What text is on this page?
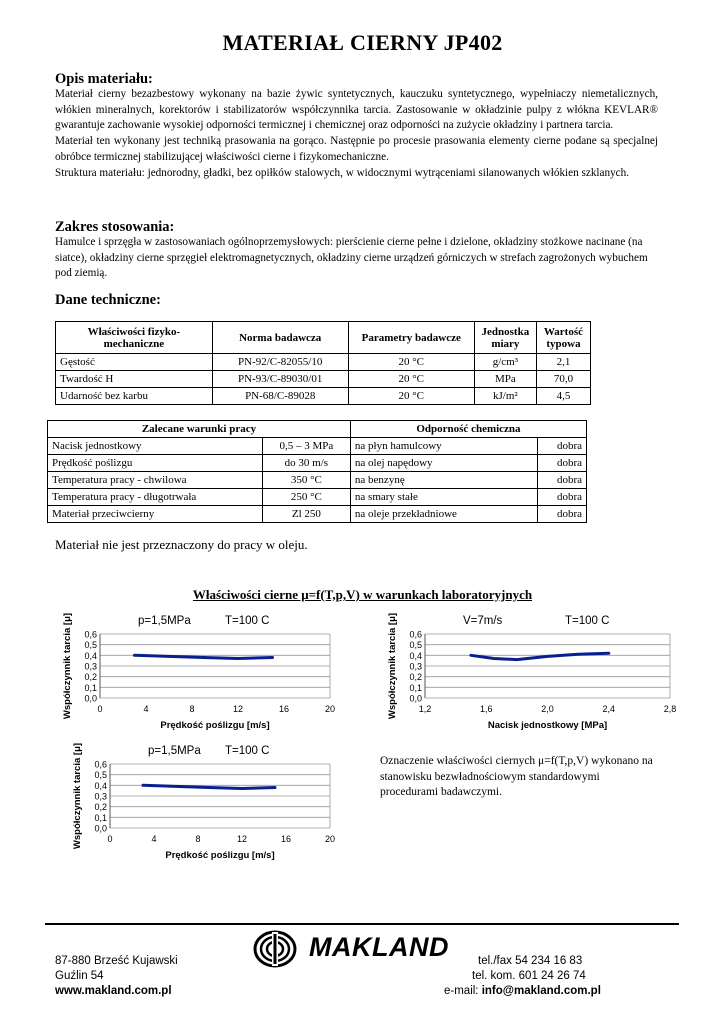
MATERIAŁ CIERNY JP402
Opis materiału:

Materiał cierny bezazbestowy wykonany na bazie żywic syntetycznych, kauczuku syntetycznego, wypełniaczy niemetalicznych, włókien mineralnych, korektorów i stabilizatorów współczynnika tarcia. Zastosowanie w okładzinie pulpy z włókna KEVLAR® gwarantuje zachowanie wysokiej odporności termicznej i chemicznej oraz odporności na zużycie okładziny i partnera tarcia.

Materiał ten wykonany jest techniką prasowania na gorąco. Następnie po procesie prasowania elementy cierne podane są specjalnej obróbce termicznej stabilizującej właściwości cierne i fizykomechaniczne.

Struktura materiału: jednorodny, gładki, bez opiłków stalowych, w widocznymi wytrąceniami silanowanych włókien szklanych.

Zakres stosowania:
Hamulce i sprzęgła w zastosowaniach ogólnoprzemysłowych: pierścienie cierne pełne i dzielone, okładziny stożkowe nacinane (na siatce), okładziny cierne sprzęgieł elektromagnetycznych, okładziny cierne urządzeń górniczych w strefach zagrożonych wybuchem pod ziemią.
Dane techniczne:
Właściwości fizyko-mechaniczne	Norma badawcza	Parametry badawcze	Jednostka miary	Wartość typowa
Gęstość	PN-92/C-82055/10	20 °C	g/cm³	2,1
Twardość H	PN-93/C-89030/01	20 °C	MPa	70,0
Udarność bez karbu	PN-68/C-89028	20 °C	kJ/m²	4,5
Zalecane warunki pracy		Odporność chemiczna	
Nacisk jednostkowy	0,5 – 3 MPa	na płyn hamulcowy	dobra
Prędkość poślizgu	do 30 m/s	na olej napędowy	dobra
Temperatura pracy - chwilowa	350 °C	na benzynę	dobra
Temperatura pracy - długotrwała	250 °C	na smary stałe	dobra
Materiał przeciwcierny	Zl 250	na oleje przekładniowe	dobra
Materiał nie jest przeznaczony do pracy w oleju.
Właściwości cierne μ=f(T,p,V) w warunkach laboratoryjnych
p=1,5MPa	T=100 C
0,0
0,1
0,2
0,3
0,4
0,5
0,6
0	4	8	12	16	20
Prędkość poślizgu [m/s]
Współczynnik tarcia [μ]	V=7m/s	T=100 C
0,0
0,1
0,2
0,3
0,4
0,5
0,6
1,2	1,6	2,0	2,4	2,8
Nacisk jednostkowy [MPa]
Współczynnik tarcia [μ]
p=1,5MPa T=100 C
0,0
0,1
0,2
0,3
0,4
0,5
0,6
0	4	8	12	16	20
Prędkość poślizgu [m/s]
Współczynnik tarcia [μ]	Oznaczenie właściwości ciernych μ=f(T,p,V) wykonano na stanowisku bezwładnościowym standardowymi procedurami badawczymi.
MAKLAND
87-880 Brześć Kujawski
Guźlin 54
www.makland.com.pl
tel./fax 54 234 16 83
tel. kom. 601 24 26 74
e-mail: info@makland.com.pl
